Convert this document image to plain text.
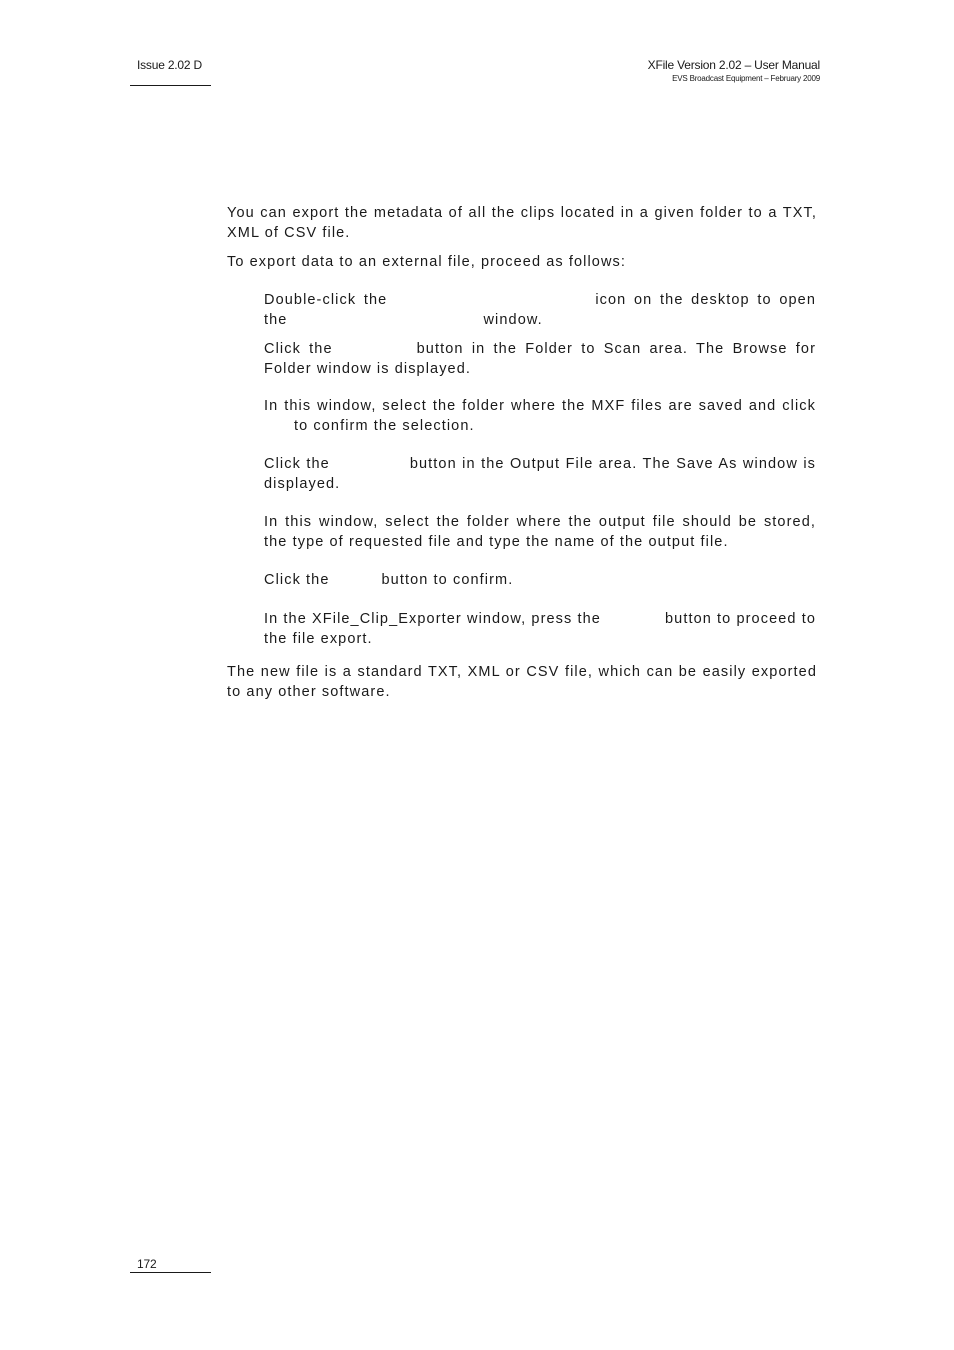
Issue 2.02 D	XFile Version 2.02 – User Manual
EVS Broadcast Equipment – February 2009

You can export the metadata of all the clips located in a given folder to a TXT, XML of CSV file.

To export data to an external file, proceed as follows:

Double-click the	icon on the desktop to open the	window.

Click the	button in the Folder to Scan area. The Browse for Folder window is displayed.

In this window, select the folder where the MXF files are saved and clickto confirm the selection.

Click the	button in the Output File area. The Save As window is displayed.

In this window, select the folder where the output file should be stored, the type of requested file and type the name of the output file.

Click the	button to confirm.

In the XFile_Clip_Exporter window, press the	button to proceed to the file export.

The new file is a standard TXT, XML or CSV file, which can be easily exported to any other software.

172
